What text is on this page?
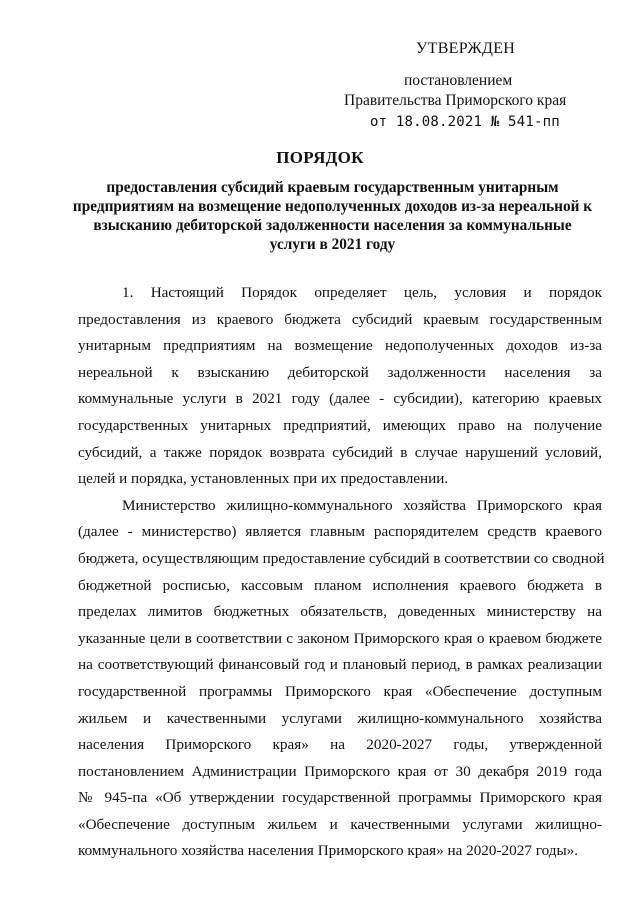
УТВЕРЖДЕН
постановлением
Правительства Приморского края
от 18.08.2021 № 541-пп
ПОРЯДОК
предоставления субсидий краевым государственным унитарным
предприятиям на возмещение недополученных доходов из-за нереальной к
взысканию дебиторской задолженности населения за коммунальные
услуги в 2021 году
1. Настоящий Порядок определяет цель, условия и порядок
предоставления из краевого бюджета субсидий краевым государственным
унитарным предприятиям на возмещение недополученных доходов из-за
нереальной к взысканию дебиторской задолженности населения за
коммунальные услуги в 2021 году (далее - субсидии), категорию краевых
государственных унитарных предприятий, имеющих право на получение
субсидий, а также порядок возврата субсидий в случае нарушений условий,
целей и порядка, установленных при их предоставлении.
Министерство жилищно-коммунального хозяйства Приморского края
(далее - министерство) является главным распорядителем средств краевого
бюджета, осуществляющим предоставление субсидий в соответствии со сводной
бюджетной росписью, кассовым планом исполнения краевого бюджета в
пределах лимитов бюджетных обязательств, доведенных министерству на
указанные цели в соответствии с законом Приморского края о краевом бюджете
на соответствующий финансовый год и плановый период, в рамках реализации
государственной программы Приморского края «Обеспечение доступным
жильем и качественными услугами жилищно-коммунального хозяйства
населения Приморского края» на 2020-2027 годы, утвержденной
постановлением Администрации Приморского края от 30 декабря 2019 года
№ 945-па «Об утверждении государственной программы Приморского края
«Обеспечение доступным жильем и качественными услугами жилищно-
коммунального хозяйства населения Приморского края» на 2020-2027 годы».
